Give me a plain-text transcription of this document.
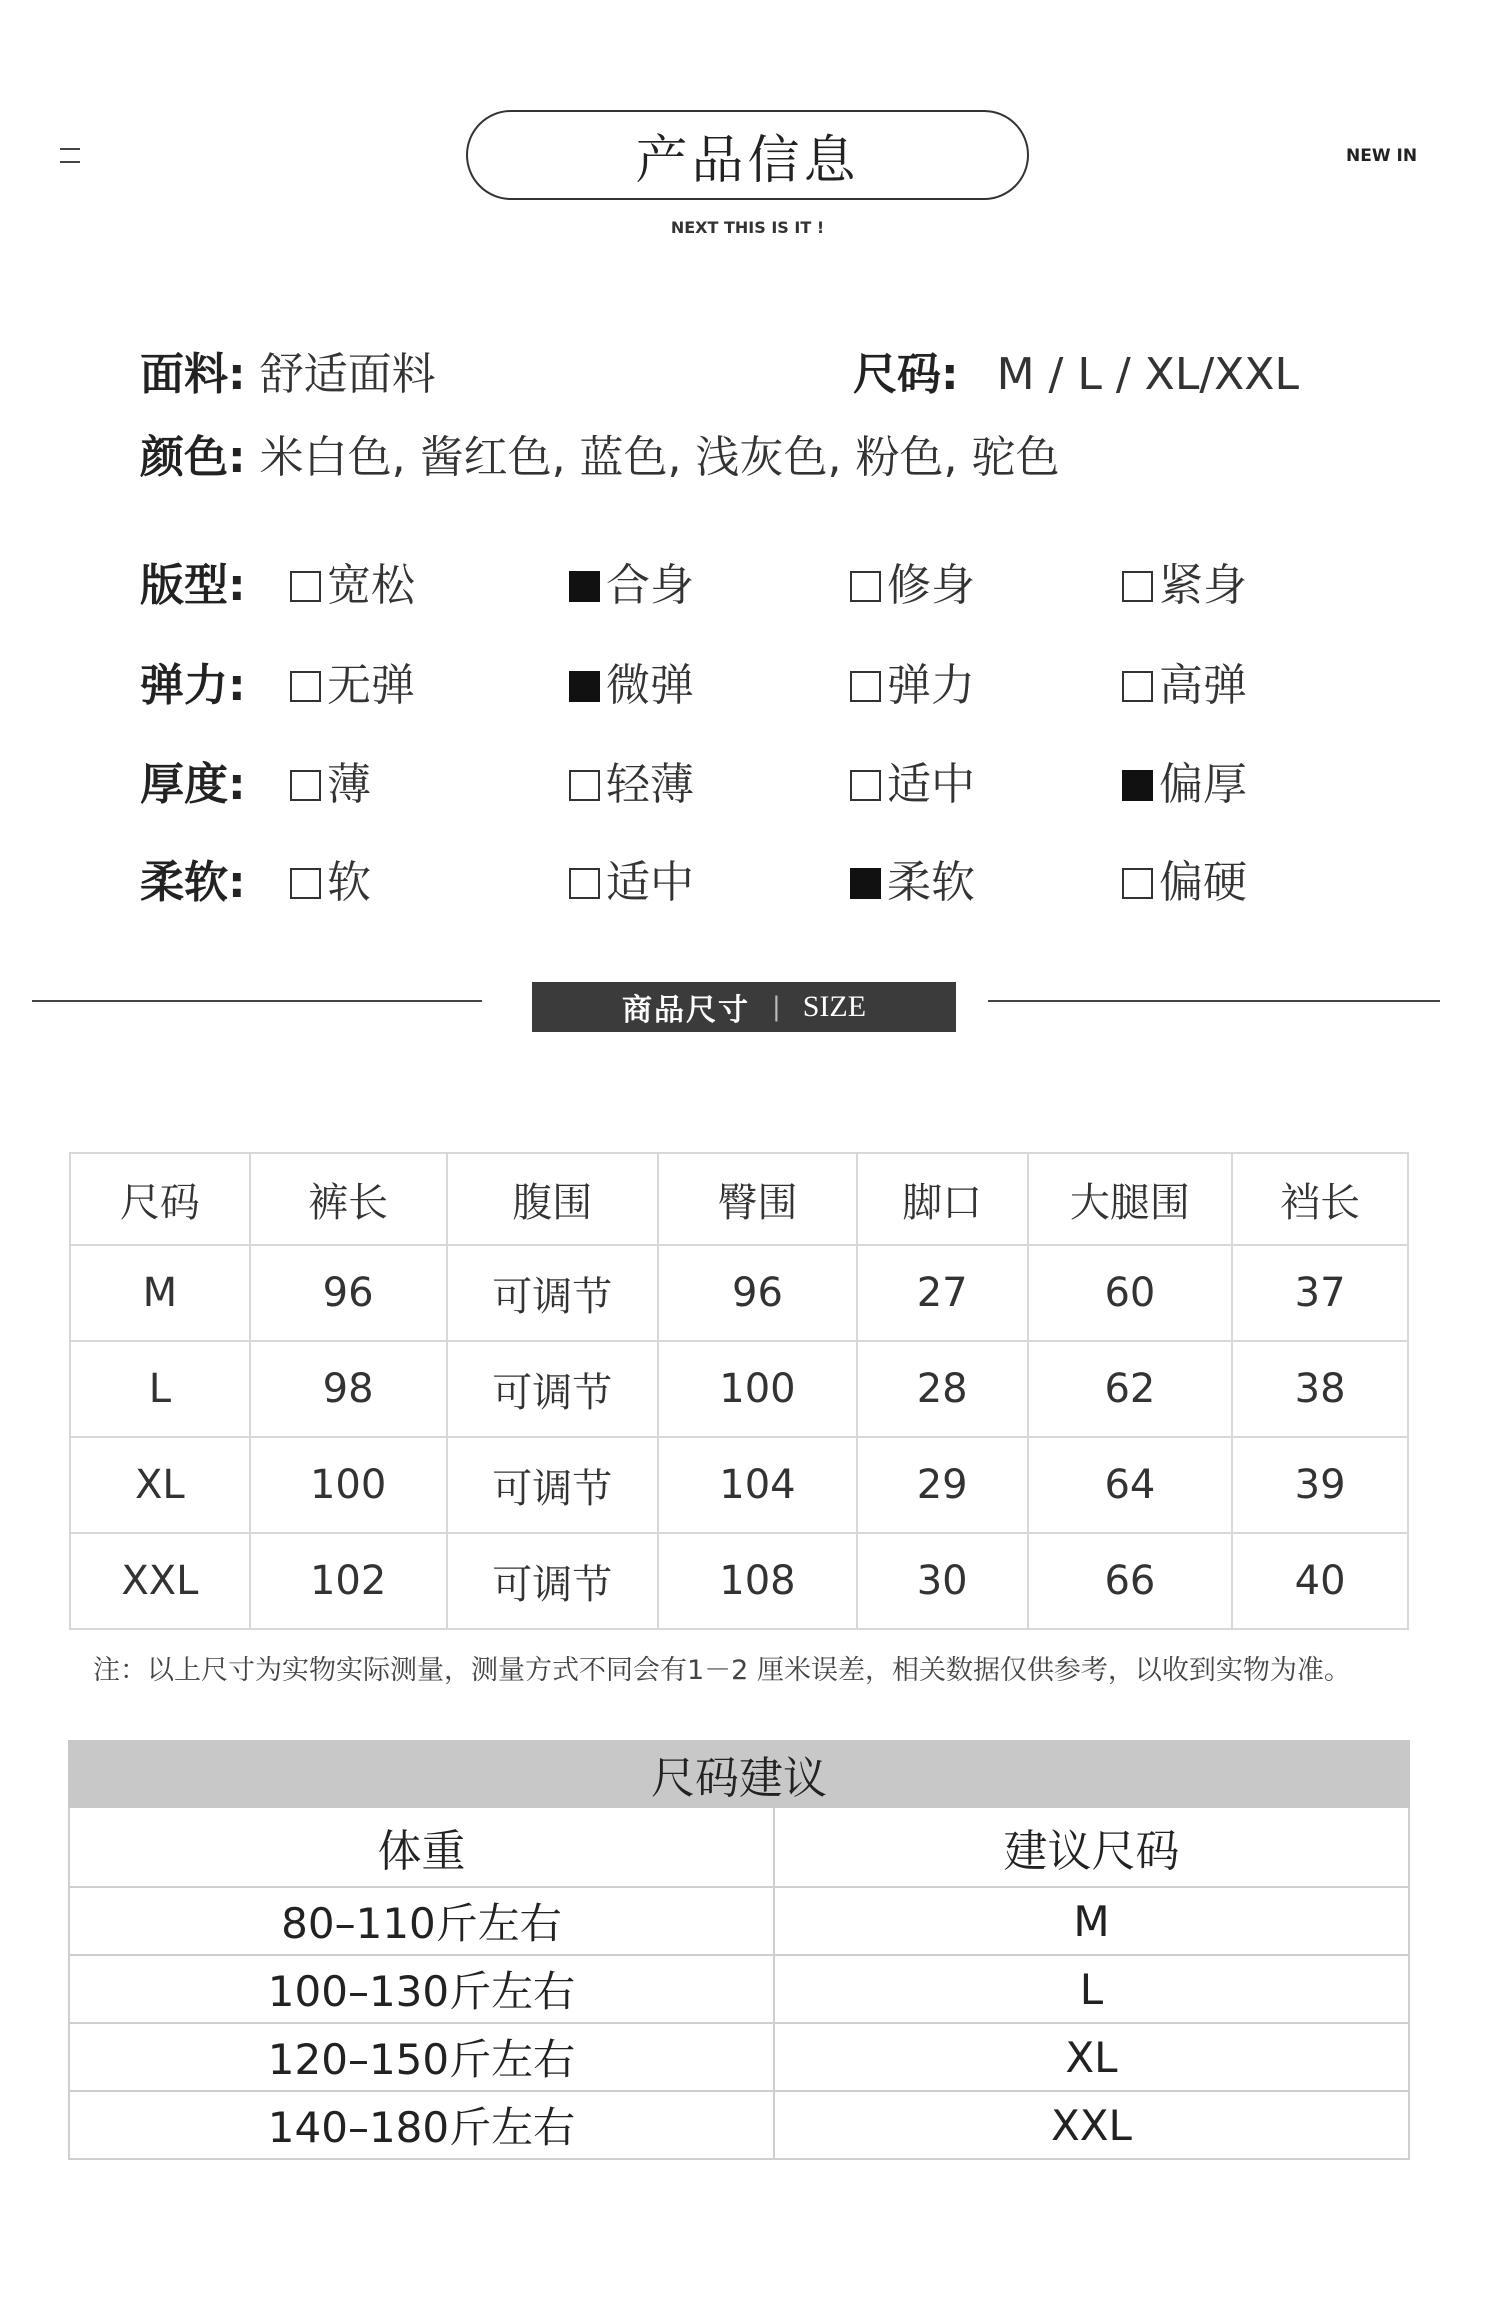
产品信息
NEXT THIS IS IT !
NEW IN
面料: 舒适面料	尺码: M / L / XL/XXL
颜色: 米白色, 酱红色, 蓝色, 浅灰色, 粉色, 驼色
版型: 宽松	合身	修身	紧身
弹力: 无弹	微弹	弹力	高弹
厚度: 薄	轻薄	适中	偏厚
柔软: 软	适中	柔软	偏硬
商品尺寸 | SIZE
尺码	裤长	腹围	臀围	脚口	大腿围	裆长
M	96	可调节	96	27	60	37
L	98	可调节	100	28	62	38
XL	100	可调节	104	29	64	39
XXL	102	可调节	108	30	66	40
注：以上尺寸为实物实际测量，测量方式不同会有1－2 厘米误差，相关数据仅供参考，以收到实物为准。
尺码建议	
体重	建议尺码
80–110斤左右	M
100–130斤左右	L
120–150斤左右	XL
140–180斤左右	XXL
